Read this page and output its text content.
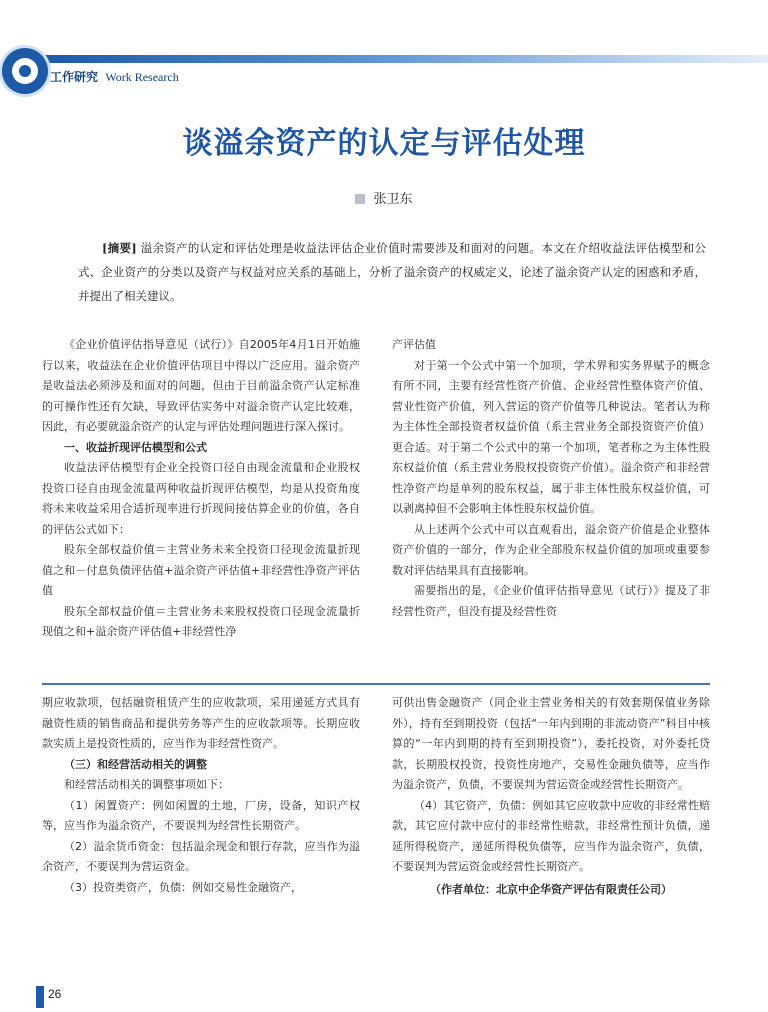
工作研究 Work Research
谈溢余资产的认定与评估处理
张卫东
[摘要] 溢余资产的认定和评估处理是收益法评估企业价值时需要涉及和面对的问题。本文在介绍收益法评估模型和公式、企业资产的分类以及资产与权益对应关系的基础上，分析了溢余资产的权威定义，论述了溢余资产认定的困惑和矛盾，并提出了相关建议。

《企业价值评估指导意见（试行）》自2005年4月1日开始施行以来，收益法在企业价值评估项目中得以广泛应用。溢余资产是收益法必须涉及和面对的问题，但由于目前溢余资产认定标准的可操作性还有欠缺，导致评估实务中对溢余资产认定比较难，因此，有必要就溢余资产的认定与评估处理问题进行深入探讨。

一、收益折现评估模型和公式

收益法评估模型有企业全投资口径自由现金流量和企业股权投资口径自由现金流量两种收益折现评估模型，均是从投资角度将未来收益采用合适折现率进行折现间接估算企业的价值，各自的评估公式如下：

股东全部权益价值＝主营业务未来全投资口径现金流量折现值之和－付息负债评估值+溢余资产评估值+非经营性净资产评估值

股东全部权益价值＝主营业务未来股权投资口径现金流量折现值之和+溢余资产评估值+非经营性净

产评估值

对于第一个公式中第一个加项，学术界和实务界赋予的概念有所不同，主要有经营性资产价值、企业经营性整体资产价值、营业性资产价值，列入营运的资产价值等几种说法。笔者认为称为主体性全部投资者权益价值（系主营业务全部投资资产价值）更合适。对于第二个公式中的第一个加项，笔者称之为主体性股东权益价值（系主营业务股权投资资产价值）。溢余资产和非经营性净资产均是单列的股东权益，属于非主体性股东权益价值，可以剥离掉但不会影响主体性股东权益价值。

从上述两个公式中可以直观看出，溢余资产价值是企业整体资产价值的一部分，作为企业全部股东权益价值的加项或重要参数对评估结果具有直接影响。

需要指出的是，《企业价值评估指导意见（试行）》提及了非经营性资产，但没有提及经营性资

期应收款项，包括融资租赁产生的应收款项，采用递延方式具有融资性质的销售商品和提供劳务等产生的应收款项等。长期应收款实质上是投资性质的，应当作为非经营性资产。

（三）和经营活动相关的调整

和经营活动相关的调整事项如下：

（1）闲置资产：例如闲置的土地，厂房，设备，知识产权等，应当作为溢余资产，不要误判为经营性长期资产。

（2）溢余货币资金：包括溢余现金和银行存款，应当作为溢余资产，不要误判为营运资金。

（3）投资类资产，负债：例如交易性金融资产，

可供出售金融资产（同企业主营业务相关的有效套期保值业务除外），持有至到期投资（包括“一年内到期的非流动资产”科目中核算的“一年内到期的持有至到期投资”），委托投资，对外委托贷款，长期股权投资，投资性房地产，交易性金融负债等，应当作为溢余资产，负债，不要误判为营运资金或经营性长期资产。

（4）其它资产，负债：例如其它应收款中应收的非经常性赔款，其它应付款中应付的非经常性赔款，非经常性预计负债，递延所得税资产，递延所得税负债等，应当作为溢余资产，负债，不要误判为营运资金或经营性长期资产。

（作者单位：北京中企华资产评估有限责任公司）

26
